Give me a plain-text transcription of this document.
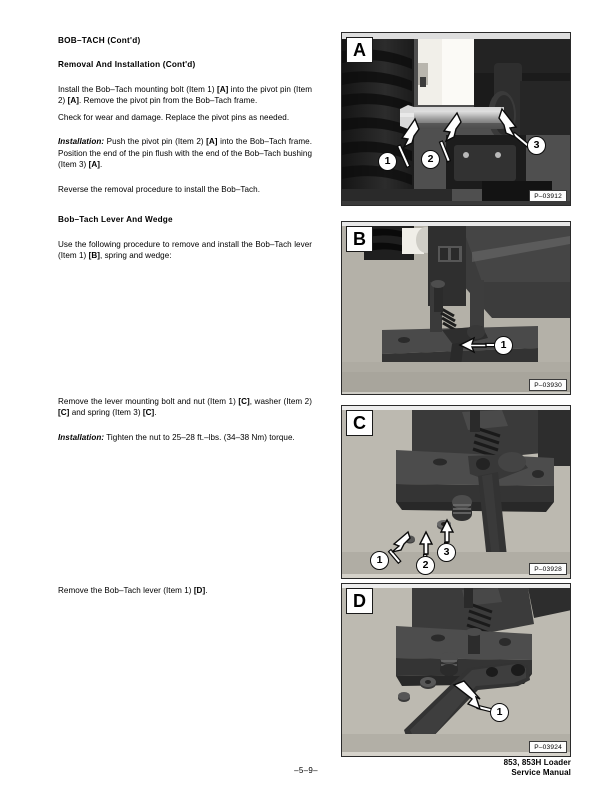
BOB–TACH (Cont'd)
Removal And Installation (Cont'd)

Install the Bob–Tach mounting bolt (Item 1) [A] into the pivot pin (Item 2) [A]. Remove the pivot pin from the Bob–Tach frame.

Check for wear and damage. Replace the pivot pins as needed.

Installation: Push the pivot pin (Item 2) [A] into the Bob–Tach frame. Position the end of the pin flush with the end of the Bob–Tach bushing (Item 3) [A].

Reverse the removal procedure to install the Bob–Tach.

Bob–Tach Lever And Wedge

Use the following procedure to remove and install the Bob–Tach lever (Item 1) [B], spring and wedge:

Remove the lever mounting bolt and nut (Item 1) [C], washer (Item 2) [C] and spring (Item 3) [C].

Installation: Tighten the nut to 25–28 ft.–lbs. (34–38 Nm) torque.

Remove the Bob–Tach lever (Item 1) [D].

1	2
3
A
P–03912
1
B
P–03930
1	2
3
C
P–03928
1
D
P–03924
–5–9–
853, 853H Loader
Service Manual
